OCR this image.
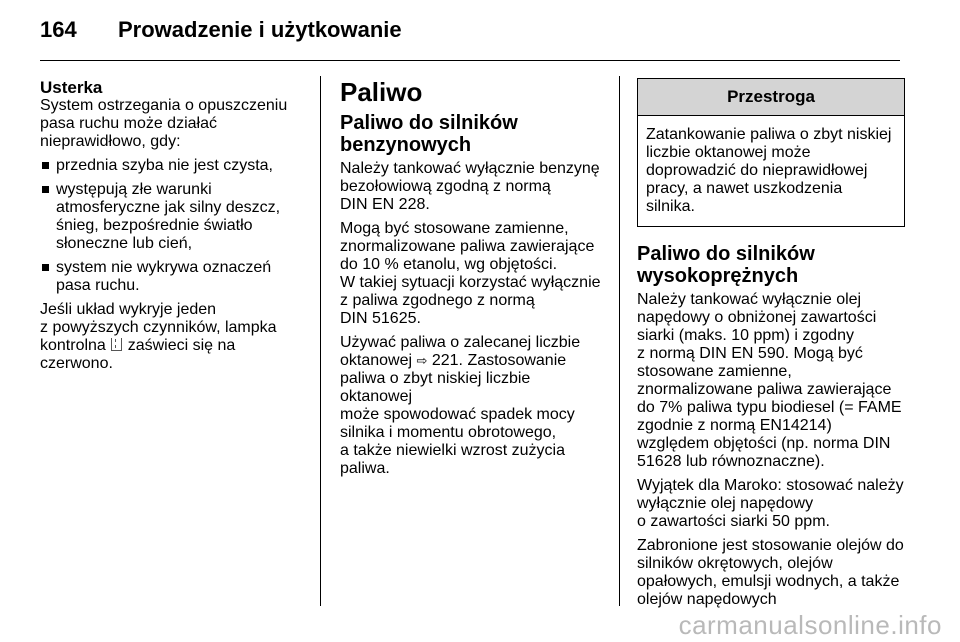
164 Prowadzenie i użytkowanie
Usterka

System ostrzegania o opuszczeniu
pasa ruchu może działać
nieprawidłowo, gdy:

przednia szyba nie jest czysta,
występują złe warunki
atmosferyczne jak silny deszcz,
śnieg, bezpośrednie światło
słoneczne lub cień,
system nie wykrywa oznaczeń
pasa ruchu.

Jeśli układ wykryje jeden
z powyższych czynników, lampka
kontrolna  zaświeci się na
czerwono.

Paliwo
Paliwo do silników
benzynowych

Należy tankować wyłącznie benzynę
bezołowiową zgodną z normą
DIN EN 228.

Mogą być stosowane zamienne,
znormalizowane paliwa zawierające
do 10 % etanolu, wg objętości.
W takiej sytuacji korzystać wyłącznie
z paliwa zgodnego z normą
DIN 51625.

Używać paliwa o zalecanej liczbie
oktanowej ⇨ 221. Zastosowanie
paliwa o zbyt niskiej liczbie oktanowej
może spowodować spadek mocy
silnika i momentu obrotowego,
a także niewielki wzrost zużycia
paliwa.

Przestroga
Zatankowanie paliwa o zbyt niskiej
liczbie oktanowej może
doprowadzić do nieprawidłowej
pracy, a nawet uszkodzenia
silnika.
Paliwo do silników
wysokoprężnych

Należy tankować wyłącznie olej
napędowy o obniżonej zawartości
siarki (maks. 10 ppm) i zgodny
z normą DIN EN 590. Mogą być
stosowane zamienne,
znormalizowane paliwa zawierające
do 7% paliwa typu biodiesel (= FAME
zgodnie z normą EN14214)
względem objętości (np. norma DIN
51628 lub równoznaczne).

Wyjątek dla Maroko: stosować należy
wyłącznie olej napędowy
o zawartości siarki 50 ppm.

Zabronione jest stosowanie olejów do
silników okrętowych, olejów
opałowych, emulsji wodnych, a także
olejów napędowych

carmanualsonline.info
